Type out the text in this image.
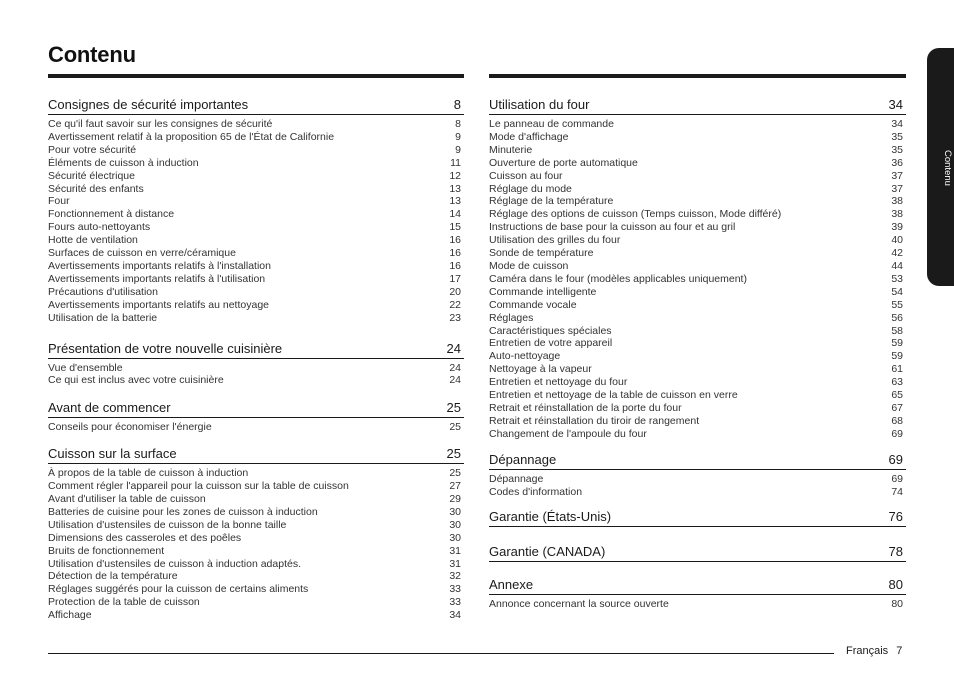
Contenu
Consignes de sécurité importantes	8
Ce qu'il faut savoir sur les consignes de sécurité	8
Avertissement relatif à la proposition 65 de l'État de Californie	9
Pour votre sécurité	9
Éléments de cuisson à induction	11
Sécurité électrique	12
Sécurité des enfants	13
Four	13
Fonctionnement à distance	14
Fours auto-nettoyants	15
Hotte de ventilation	16
Surfaces de cuisson en verre/céramique	16
Avertissements importants relatifs à l'installation	16
Avertissements importants relatifs à l'utilisation	17
Précautions d'utilisation	20
Avertissements importants relatifs au nettoyage	22
Utilisation de la batterie	23
Présentation de votre nouvelle cuisinière	24
Vue d'ensemble	24
Ce qui est inclus avec votre cuisinière	24
Avant de commencer	25
Conseils pour économiser l'énergie	25
Cuisson sur la surface	25
À propos de la table de cuisson à induction	25
Comment régler l'appareil pour la cuisson sur la table de cuisson	27
Avant d'utiliser la table de cuisson	29
Batteries de cuisine pour les zones de cuisson à induction	30
Utilisation d'ustensiles de cuisson de la bonne taille	30
Dimensions des casseroles et des poêles	30
Bruits de fonctionnement	31
Utilisation d'ustensiles de cuisson à induction adaptés.	31
Détection de la température	32
Réglages suggérés pour la cuisson de certains aliments	33
Protection de la table de cuisson	33
Affichage	34
Utilisation du four	34
Le panneau de commande	34
Mode d'affichage	35
Minuterie	35
Ouverture de porte automatique	36
Cuisson au four	37
Réglage du mode	37
Réglage de la température	38
Réglage des options de cuisson (Temps cuisson, Mode différé)	38
Instructions de base pour la cuisson au four et au gril	39
Utilisation des grilles du four	40
Sonde de température	42
Mode de cuisson	44
Caméra dans le four (modèles applicables uniquement)	53
Commande intelligente	54
Commande vocale	55
Réglages	56
Caractéristiques spéciales	58
Entretien de votre appareil	59
Auto-nettoyage	59
Nettoyage à la vapeur	61
Entretien et nettoyage du four	63
Entretien et nettoyage de la table de cuisson en verre	65
Retrait et réinstallation de la porte du four	67
Retrait et réinstallation du tiroir de rangement	68
Changement de l'ampoule du four	69
Dépannage	69
Dépannage	69
Codes d'information	74
Garantie (États-Unis)	76
Garantie (CANADA)	78
Annexe	80
Annonce concernant la source ouverte	80
Contenu
Français 7
